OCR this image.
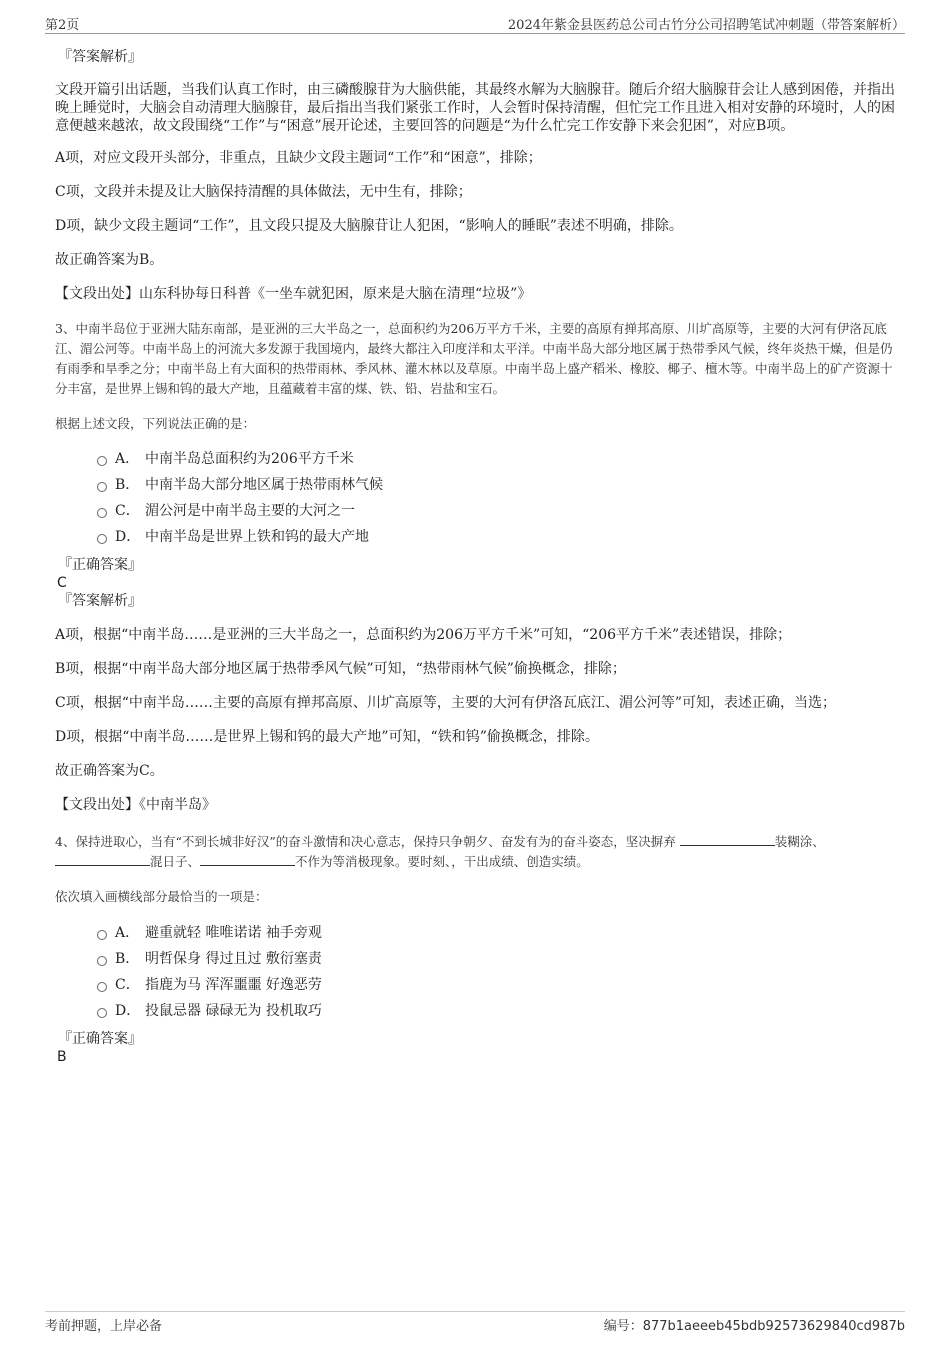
第2页	2024年紫金县医药总公司古竹分公司招聘笔试冲刺题（带答案解析）
『答案解析』
文段开篇引出话题，当我们认真工作时，由三磷酸腺苷为大脑供能，其最终水解为大脑腺苷。随后介绍大脑腺苷会让人感到困倦，并指出晚上睡觉时，大脑会自动清理大脑腺苷，最后指出当我们紧张工作时，人会暂时保持清醒，但忙完工作且进入相对安静的环境时，人的困意便越来越浓，故文段围绕“工作”与“困意”展开论述，主要回答的问题是“为什么忙完工作安静下来会犯困”，对应B项。
A项，对应文段开头部分，非重点，且缺少文段主题词“工作”和“困意”，排除；
C项，文段并未提及让大脑保持清醒的具体做法，无中生有，排除；
D项，缺少文段主题词“工作”，且文段只提及大脑腺苷让人犯困，“影响人的睡眠”表述不明确，排除。
故正确答案为B。
【文段出处】山东科协每日科普《一坐车就犯困，原来是大脑在清理“垃圾”》
3、中南半岛位于亚洲大陆东南部，是亚洲的三大半岛之一，总面积约为206万平方千米，主要的高原有掸邦高原、川圹高原等，主要的大河有伊洛瓦底江、湄公河等。中南半岛上的河流大多发源于我国境内，最终大都注入印度洋和太平洋。中南半岛大部分地区属于热带季风气候，终年炎热干燥，但是仍有雨季和旱季之分；中南半岛上有大面积的热带雨林、季风林、灌木林以及草原。中南半岛上盛产稻米、橡胶、椰子、檀木等。中南半岛上的矿产资源十分丰富，是世界上锡和钨的最大产地，且蕴藏着丰富的煤、铁、铅、岩盐和宝石。
根据上述文段，下列说法正确的是：
A． 中南半岛总面积约为206平方千米
B． 中南半岛大部分地区属于热带雨林气候
C． 湄公河是中南半岛主要的大河之一
D． 中南半岛是世界上铁和钨的最大产地
『正确答案』
C
『答案解析』
A项，根据“中南半岛……是亚洲的三大半岛之一，总面积约为206万平方千米”可知，“206平方千米”表述错误，排除；
B项，根据“中南半岛大部分地区属于热带季风气候”可知，“热带雨林气候”偷换概念，排除；
C项，根据“中南半岛……主要的高原有掸邦高原、川圹高原等，主要的大河有伊洛瓦底江、湄公河等”可知，表述正确，当选；
D项，根据“中南半岛……是世界上锡和钨的最大产地”可知，“铁和钨”偷换概念，排除。
故正确答案为C。
【文段出处】《中南半岛》
4、保持进取心，当有“不到长城非好汉”的奋斗激情和决心意志，保持只争朝夕、奋发有为的奋斗姿态，坚决摒弃	装糊涂、混日子、	不作为等消极现象。要时刻、，干出成绩、创造实绩。
依次填入画横线部分最恰当的一项是：
A． 避重就轻 唯唯诺诺 袖手旁观
B． 明哲保身 得过且过 敷衍塞责
C． 指鹿为马 浑浑噩噩 好逸恶劳
D． 投鼠忌器 碌碌无为 投机取巧
『正确答案』
B
考前押题，上岸必备	编号：877b1aeeeb45bdb92573629840cd987b
